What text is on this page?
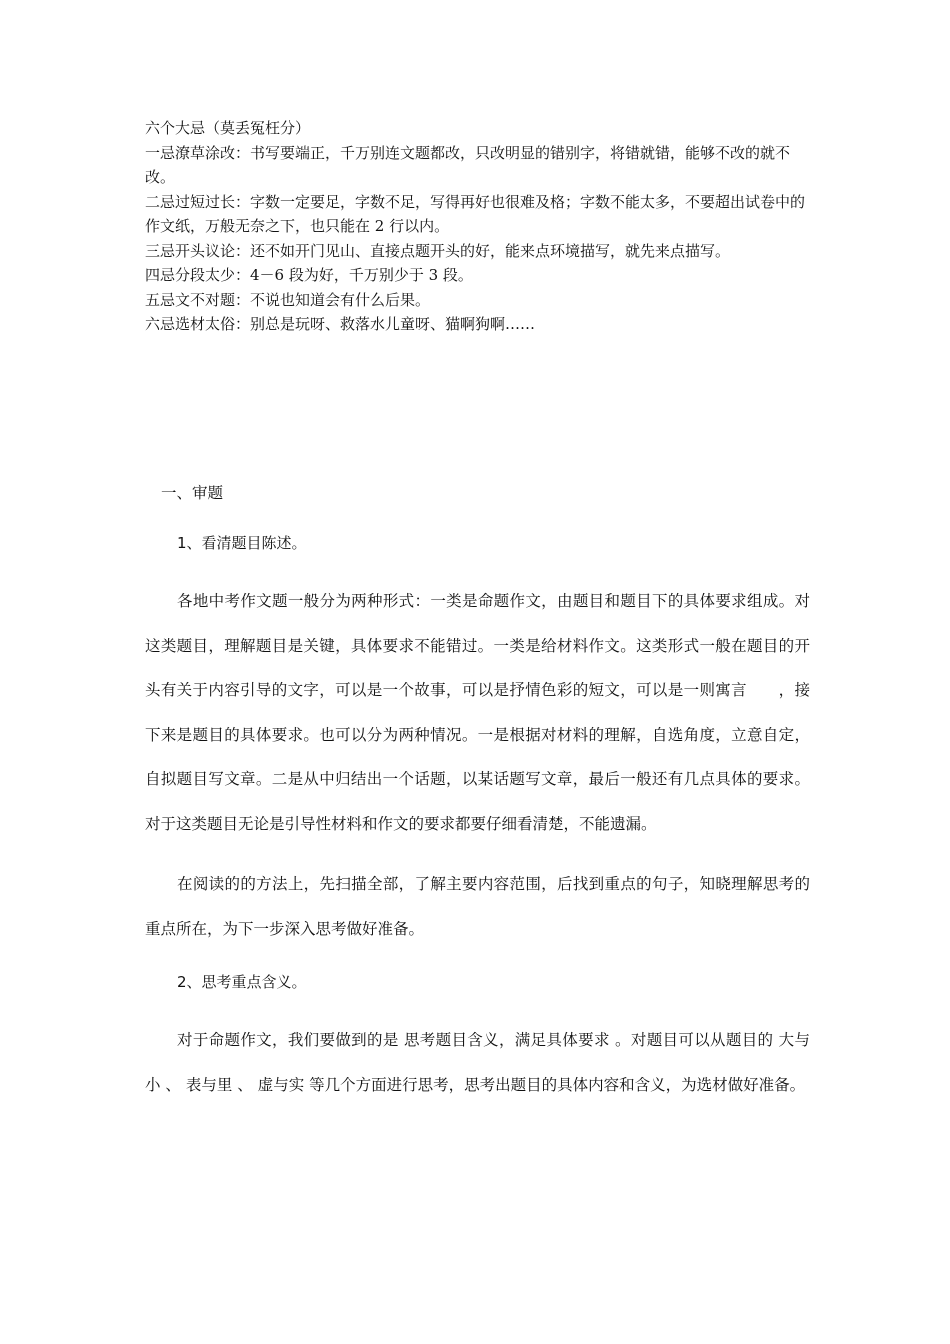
六个大忌（莫丢冤枉分）

一忌潦草涂改：书写要端正，千万别连文题都改，只改明显的错别字，将错就错，能够不改的就不改。

二忌过短过长：字数一定要足，字数不足，写得再好也很难及格；字数不能太多，不要超出试卷中的作文纸，万般无奈之下，也只能在 2 行以内。

三忌开头议论：还不如开门见山、直接点题开头的好，能来点环境描写，就先来点描写。

四忌分段太少：4－6 段为好，千万别少于 3 段。

五忌文不对题：不说也知道会有什么后果。

六忌选材太俗：别总是玩呀、救落水儿童呀、猫啊狗啊……

一、审题

1、看清题目陈述。

各地中考作文题一般分为两种形式：一类是命题作文，由题目和题目下的具体要求组成。对这类题目，理解题目是关键，具体要求不能错过。一类是给材料作文。这类形式一般在题目的开头有关于内容引导的文字，可以是一个故事，可以是抒情色彩的短文，可以是一则寓言　　，接下来是题目的具体要求。也可以分为两种情况。一是根据对材料的理解，自选角度，立意自定，自拟题目写文章。二是从中归结出一个话题，以某话题写文章，最后一般还有几点具体的要求。对于这类题目无论是引导性材料和作文的要求都要仔细看清楚，不能遗漏。

在阅读的的方法上，先扫描全部，了解主要内容范围，后找到重点的句子，知晓理解思考的重点所在，为下一步深入思考做好准备。

2、思考重点含义。

对于命题作文，我们要做到的是 思考题目含义，满足具体要求 。对题目可以从题目的 大与小 、 表与里 、 虚与实 等几个方面进行思考，思考出题目的具体内容和含义，为选材做好准备。
